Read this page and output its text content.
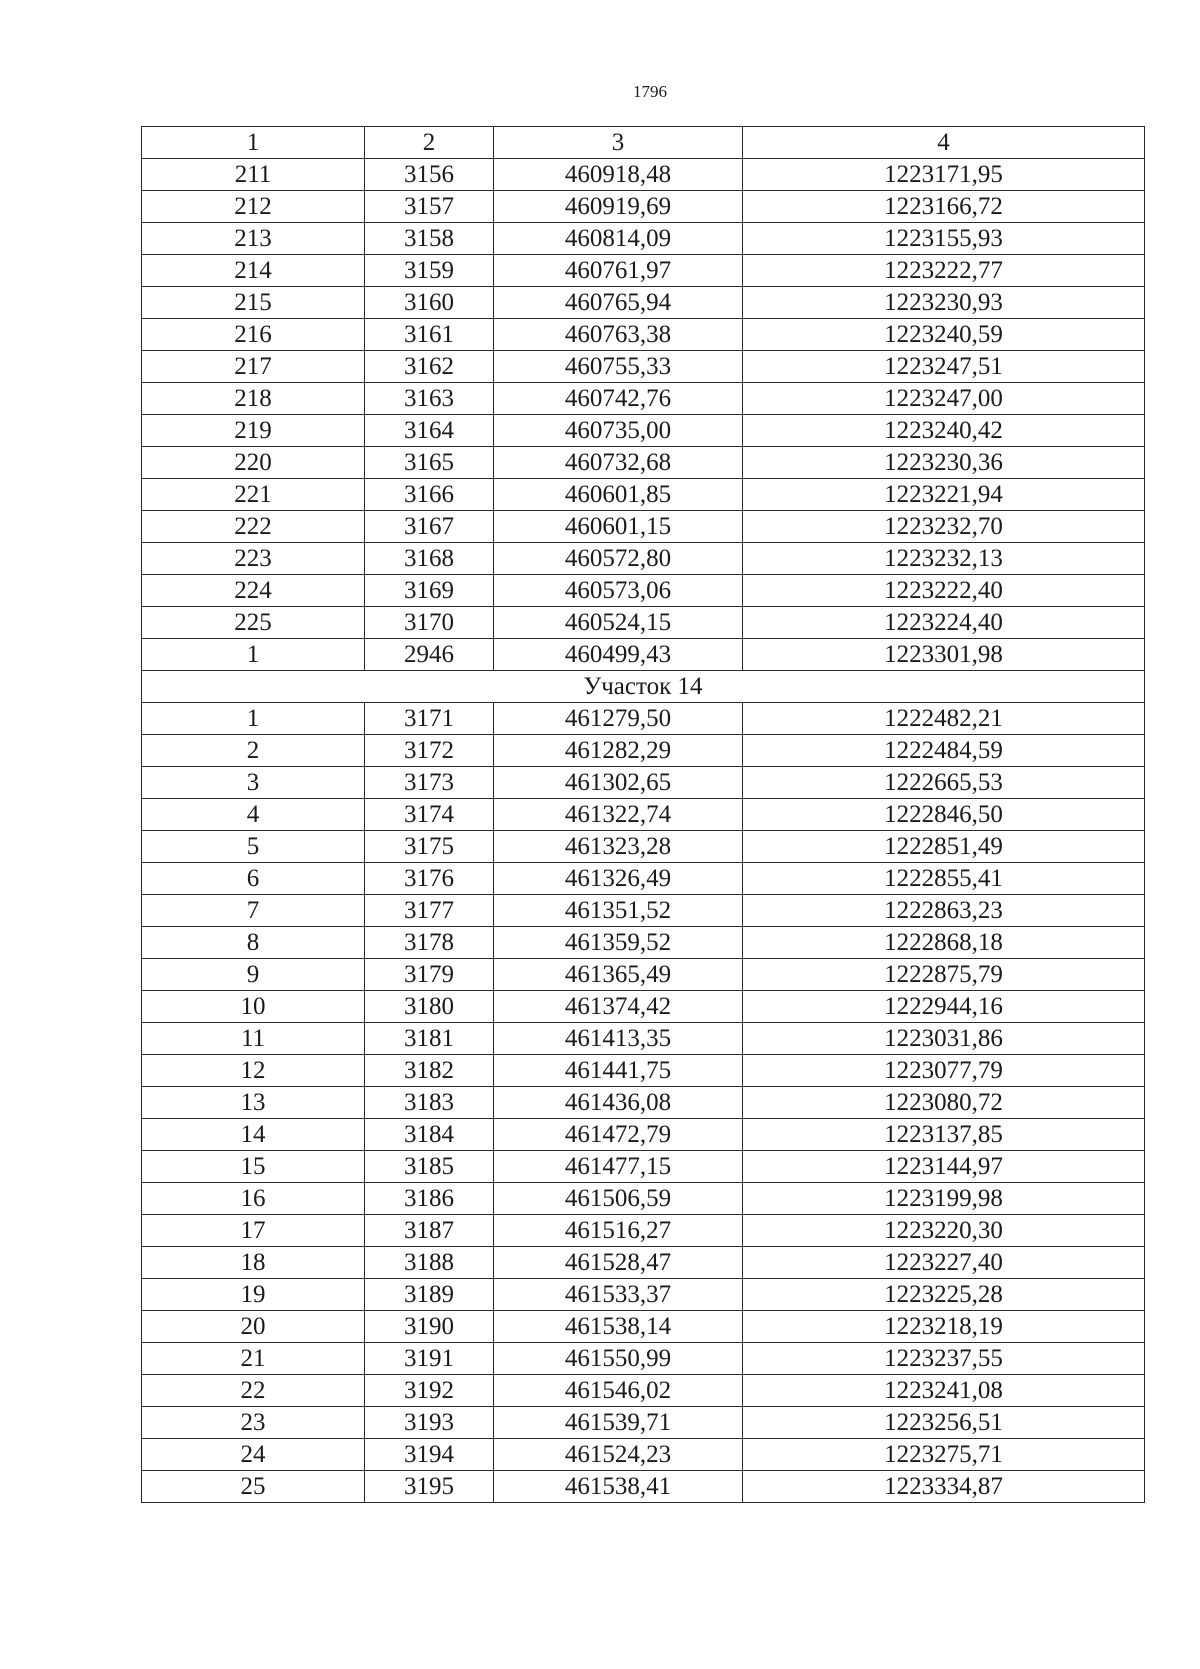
1796
1	2	3	4
211	3156	460918,48	1223171,95
212	3157	460919,69	1223166,72
213	3158	460814,09	1223155,93
214	3159	460761,97	1223222,77
215	3160	460765,94	1223230,93
216	3161	460763,38	1223240,59
217	3162	460755,33	1223247,51
218	3163	460742,76	1223247,00
219	3164	460735,00	1223240,42
220	3165	460732,68	1223230,36
221	3166	460601,85	1223221,94
222	3167	460601,15	1223232,70
223	3168	460572,80	1223232,13
224	3169	460573,06	1223222,40
225	3170	460524,15	1223224,40
1	2946	460499,43	1223301,98
Участок 14			
1	3171	461279,50	1222482,21
2	3172	461282,29	1222484,59
3	3173	461302,65	1222665,53
4	3174	461322,74	1222846,50
5	3175	461323,28	1222851,49
6	3176	461326,49	1222855,41
7	3177	461351,52	1222863,23
8	3178	461359,52	1222868,18
9	3179	461365,49	1222875,79
10	3180	461374,42	1222944,16
11	3181	461413,35	1223031,86
12	3182	461441,75	1223077,79
13	3183	461436,08	1223080,72
14	3184	461472,79	1223137,85
15	3185	461477,15	1223144,97
16	3186	461506,59	1223199,98
17	3187	461516,27	1223220,30
18	3188	461528,47	1223227,40
19	3189	461533,37	1223225,28
20	3190	461538,14	1223218,19
21	3191	461550,99	1223237,55
22	3192	461546,02	1223241,08
23	3193	461539,71	1223256,51
24	3194	461524,23	1223275,71
25	3195	461538,41	1223334,87
